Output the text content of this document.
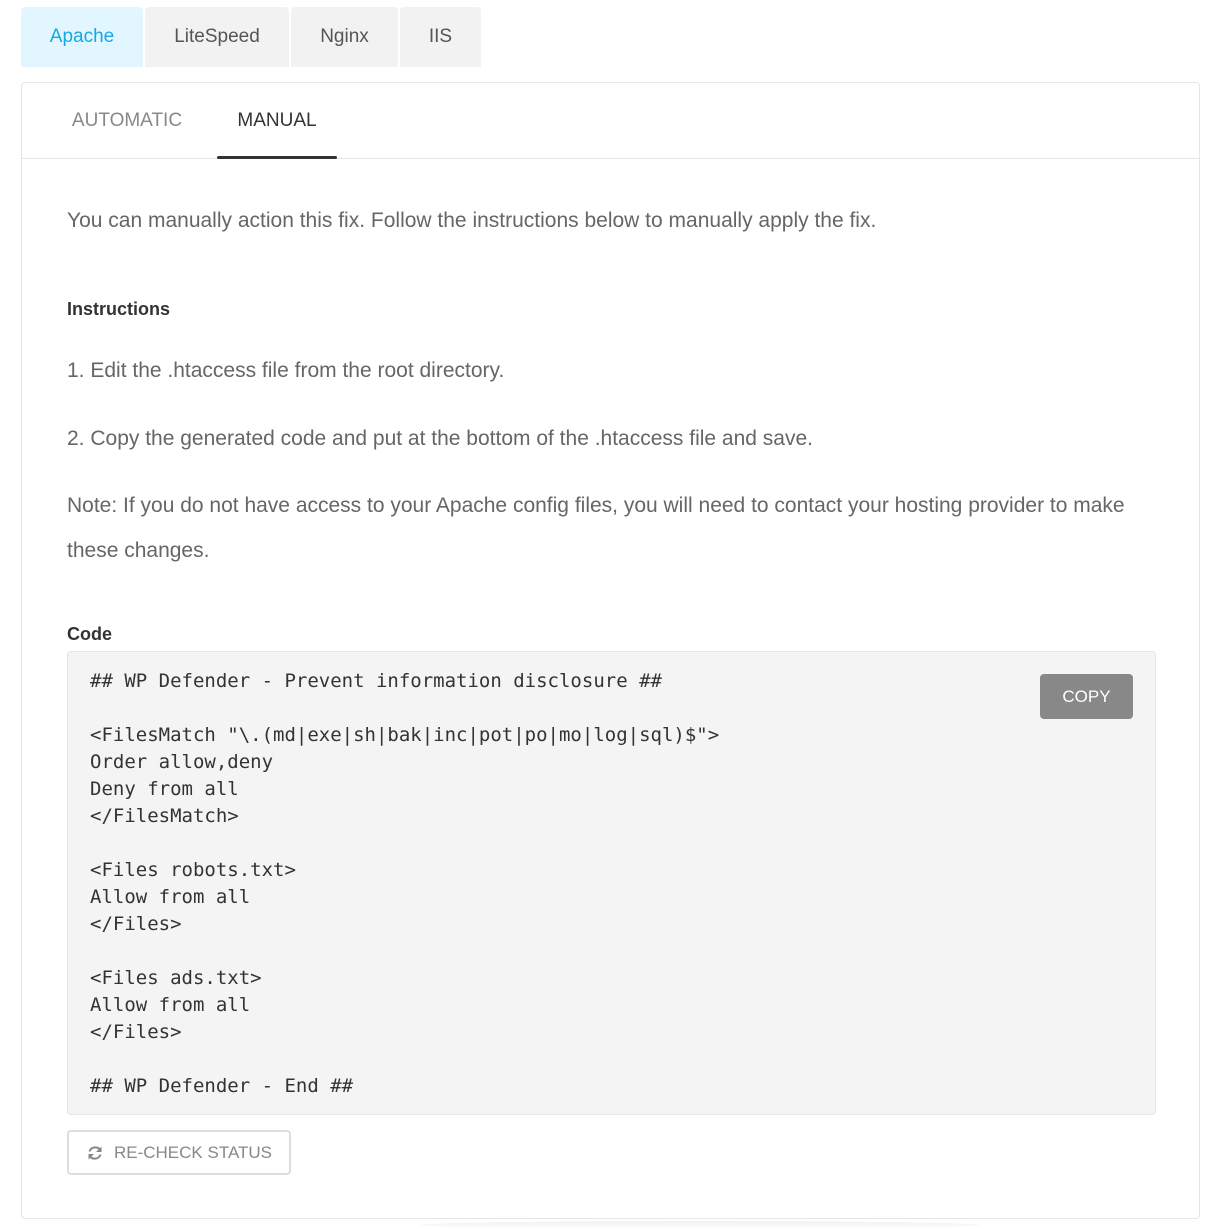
Apache	LiteSpeed	Nginx	IIS
AUTOMATIC	MANUAL

You can manually action this fix. Follow the instructions below to manually apply the fix.

Instructions

1. Edit the .htaccess file from the root directory.

2. Copy the generated code and put at the bottom of the .htaccess file and save.

Note: If you do not have access to your Apache config files, you will need to contact your hosting provider to make these changes.

Code

## WP Defender - Prevent information disclosure ##

<FilesMatch "\.(md|exe|sh|bak|inc|pot|po|mo|log|sql)$">
Order allow,deny
Deny from all
</FilesMatch>

<Files robots.txt>
Allow from all
</Files>

<Files ads.txt>
Allow from all
</Files>

## WP Defender - End ##
COPY
RE-CHECK STATUS
